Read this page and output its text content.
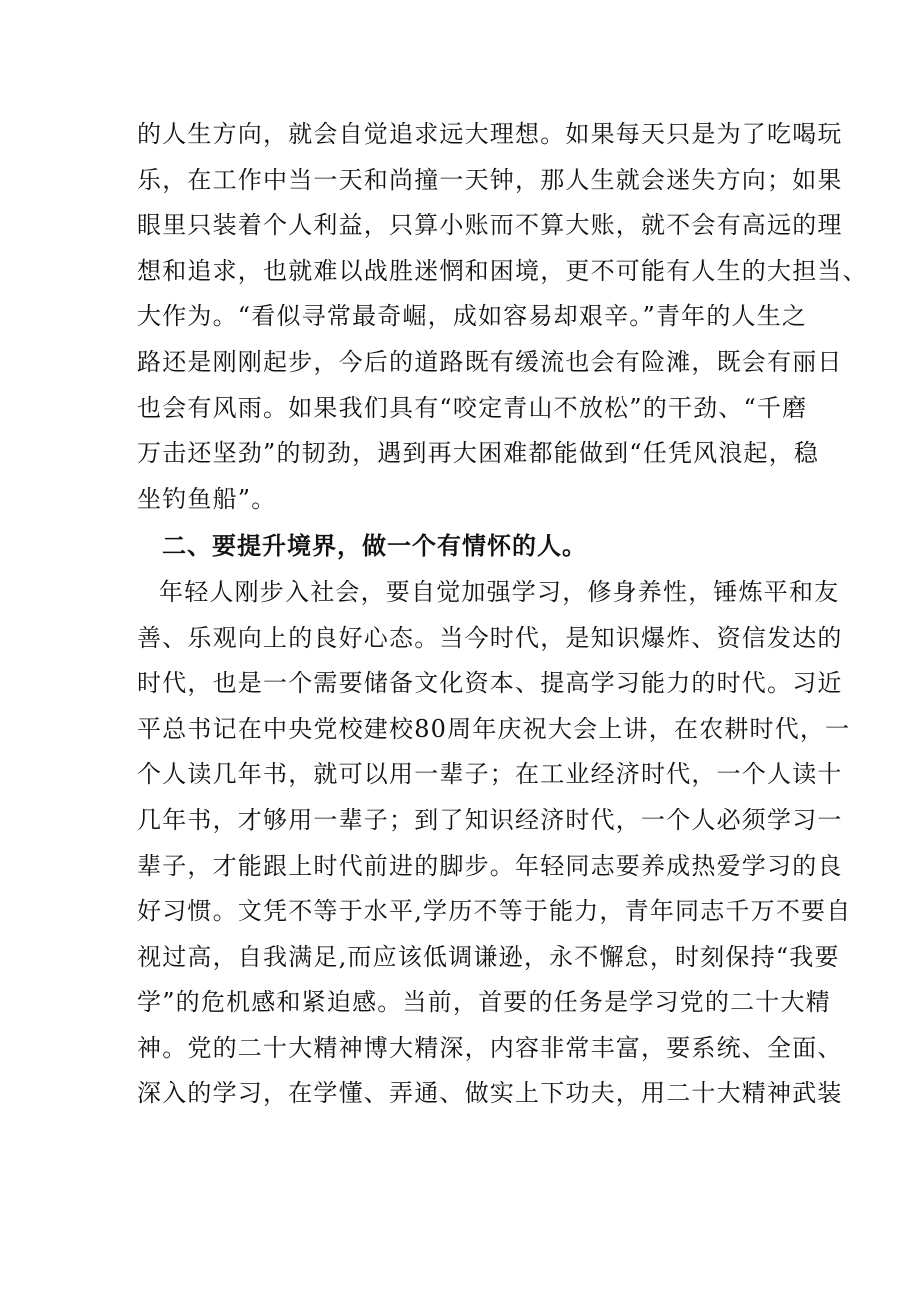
的人生方向，就会自觉追求远大理想。如果每天只是为了吃喝玩
乐，在工作中当一天和尚撞一天钟，那人生就会迷失方向；如果
眼里只装着个人利益，只算小账而不算大账，就不会有高远的理
想和追求，也就难以战胜迷惘和困境，更不可能有人生的大担当、
大作为。“看似寻常最奇崛，成如容易却艰辛。”青年的人生之
路还是刚刚起步，今后的道路既有缓流也会有险滩，既会有丽日
也会有风雨。如果我们具有“咬定青山不放松”的干劲、“千磨
万击还坚劲”的韧劲，遇到再大困难都能做到“任凭风浪起，稳
坐钓鱼船”。
二、要提升境界，做一个有情怀的人。
年轻人刚步入社会，要自觉加强学习，修身养性，锤炼平和友
善、乐观向上的良好心态。当今时代，是知识爆炸、资信发达的
时代，也是一个需要储备文化资本、提高学习能力的时代。习近
平总书记在中央党校建校80周年庆祝大会上讲，在农耕时代，一
个人读几年书，就可以用一辈子；在工业经济时代，一个人读十
几年书，才够用一辈子；到了知识经济时代，一个人必须学习一
辈子，才能跟上时代前进的脚步。年轻同志要养成热爱学习的良
好习惯。文凭不等于水平,学历不等于能力，青年同志千万不要自
视过高，自我满足,而应该低调谦逊，永不懈怠，时刻保持“我要
学”的危机感和紧迫感。当前，首要的任务是学习党的二十大精
神。党的二十大精神博大精深，内容非常丰富，要系统、全面、
深入的学习，在学懂、弄通、做实上下功夫，用二十大精神武装
